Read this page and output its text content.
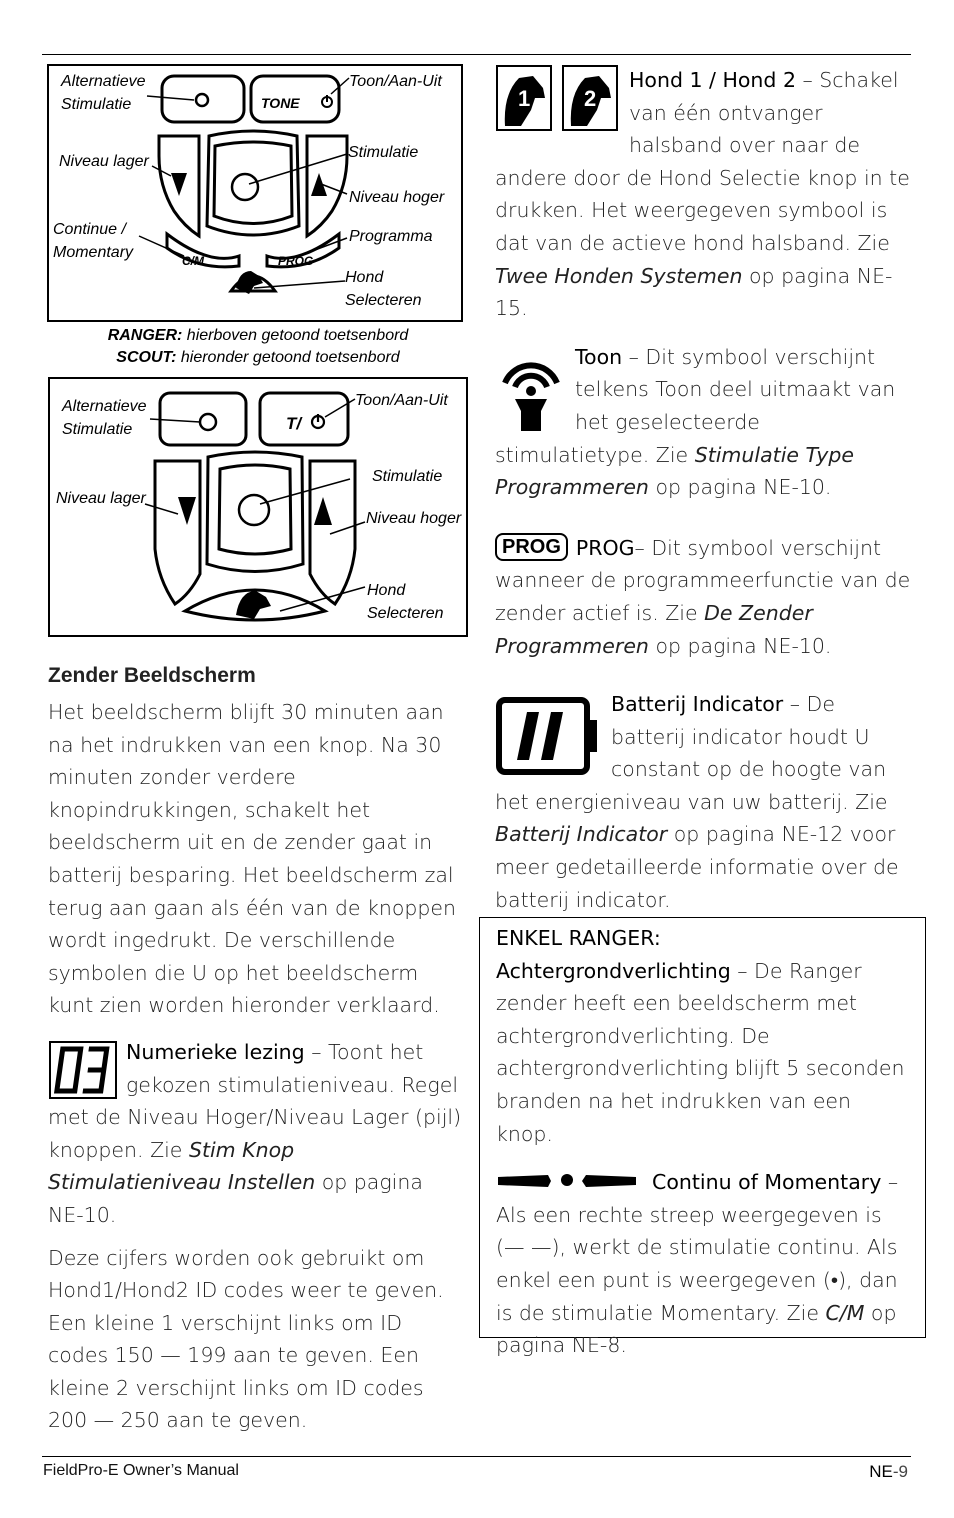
TONE
C/M	PROG
Alternatieve Stimulatie
Toon/Aan-Uit
Niveau lager
Stimulatie
Niveau hoger
Continue / Momentary
Programma
Hond Selecteren
RANGER: hierboven getoond toetsenbord
SCOUT: hieronder getoond toetsenbord
T/
Alternatieve Stimulatie
Toon/Aan-Uit
Stimulatie
Niveau lager
Niveau hoger
Hond Selecteren
Zender Beeldscherm

Het beeldscherm blijft 30 minuten aan na het indrukken van een knop. Na 30 minuten zonder verdere knopindrukkingen, schakelt het beeldscherm uit en de zender gaat in batterij besparing. Het beeldscherm zal terug aan gaan als één van de knoppen wordt ingedrukt. De verschillende symbolen die U op het beeldscherm kunt zien worden hieronder verklaard.

Numerieke lezing – Toont het gekozen stimulatieniveau. Regel met de Niveau Hoger/Niveau Lager (pijl) knoppen. Zie Stim Knop Stimulatieniveau Instellen op pagina NE-10.

Deze cijfers worden ook gebruikt om Hond1/Hond2 ID codes weer te geven. Een kleine 1 verschijnt links om ID codes 150 — 199 aan te geven. Een kleine 2 verschijnt links om ID codes 200 — 250 aan te geven.

1 2
Hond 1 / Hond 2 – Schakel van één ontvanger halsband over naar de andere door de Hond Selectie knop in te drukken. Het weergegeven symbool is dat van de actieve hond halsband. Zie Twee Honden Systemen op pagina NE-15.

Toon – Dit symbool verschijnt telkens Toon deel uitmaakt van het geselecteerde stimulatietype. Zie Stimulatie Type Programmeren op pagina NE-10.

PROG PROG– Dit symbool verschijnt wanneer de programmeerfunctie van de zender actief is. Zie De Zender Programmeren op pagina NE-10.

Batterij Indicator – De batterij indicator houdt U constant op de hoogte van het energieniveau van uw batterij. Zie Batterij Indicator op pagina NE-12 voor meer gedetailleerde informatie over de batterij indicator.

ENKEL RANGER:

Achtergrondverlichting – De Ranger zender heeft een beeldscherm met achtergrondverlichting. De achtergrondverlichting blijft 5 seconden branden na het indrukken van een knop.

Continu of Momentary – Als een rechte streep weergegeven is (— —), werkt de stimulatie continu. Als enkel een punt is weergegeven (•), dan is de stimulatie Momentary. Zie C/M op pagina NE-8.

FieldPro-E Owner’s Manual	NE-9
